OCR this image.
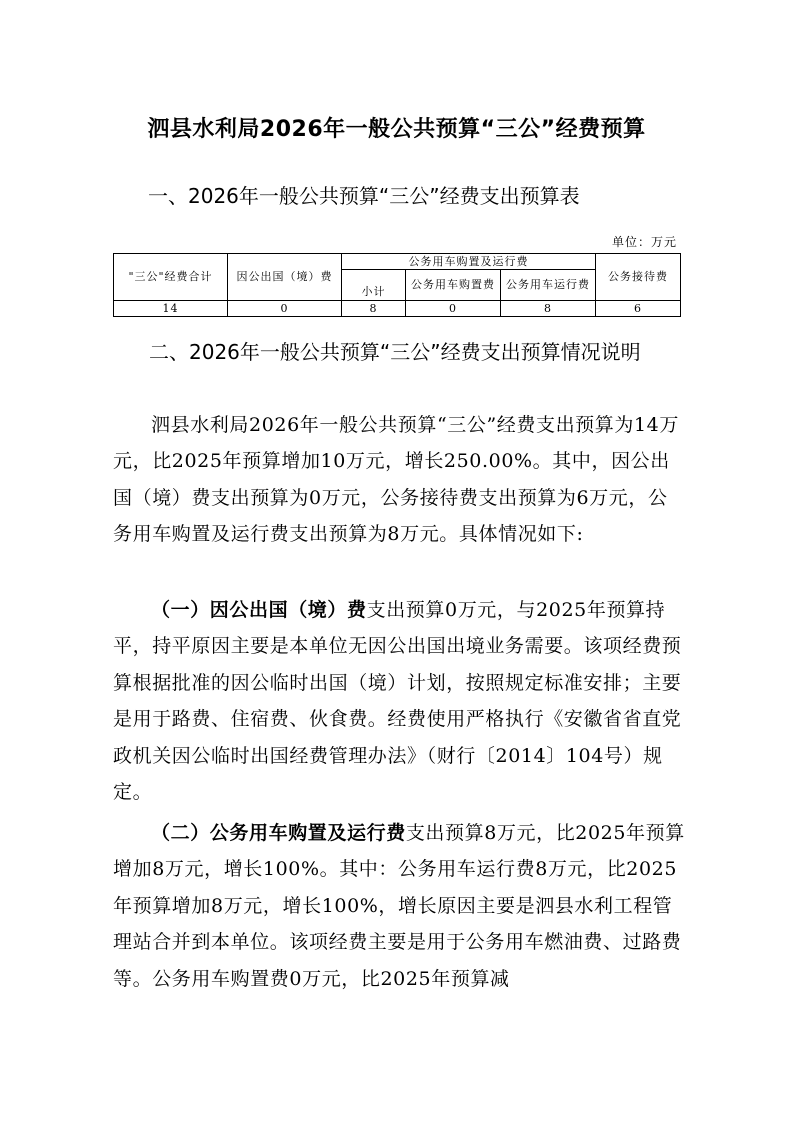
泗县水利局2026年一般公共预算“三公”经费预算
一、2026年一般公共预算“三公”经费支出预算表
单位：万元
"三公"经费合计	因公出国（境）费	公务用车购置及运行费			公务接待费
		小计	公务用车购置费	公务用车运行费	
14	0	8	0	8	6
二、2026年一般公共预算“三公”经费支出预算情况说明

泗县水利局2026年一般公共预算“三公”经费支出预算为14万元，比2025年预算增加10万元，增长250.00%。其中，因公出国（境）费支出预算为0万元，公务接待费支出预算为6万元，公务用车购置及运行费支出预算为8万元。具体情况如下:

（一）因公出国（境）费支出预算0万元，与2025年预算持平，持平原因主要是本单位无因公出国出境业务需要。该项经费预算根据批准的因公临时出国（境）计划，按照规定标准安排；主要是用于路费、住宿费、伙食费。经费使用严格执行《安徽省省直党政机关因公临时出国经费管理办法》（财行〔2014〕104号）规定。

（二）公务用车购置及运行费支出预算8万元，比2025年预算增加8万元，增长100%。其中：公务用车运行费8万元，比2025年预算增加8万元，增长100%，增长原因主要是泗县水利工程管理站合并到本单位。该项经费主要是用于公务用车燃油费、过路费等。公务用车购置费0万元，比2025年预算减
